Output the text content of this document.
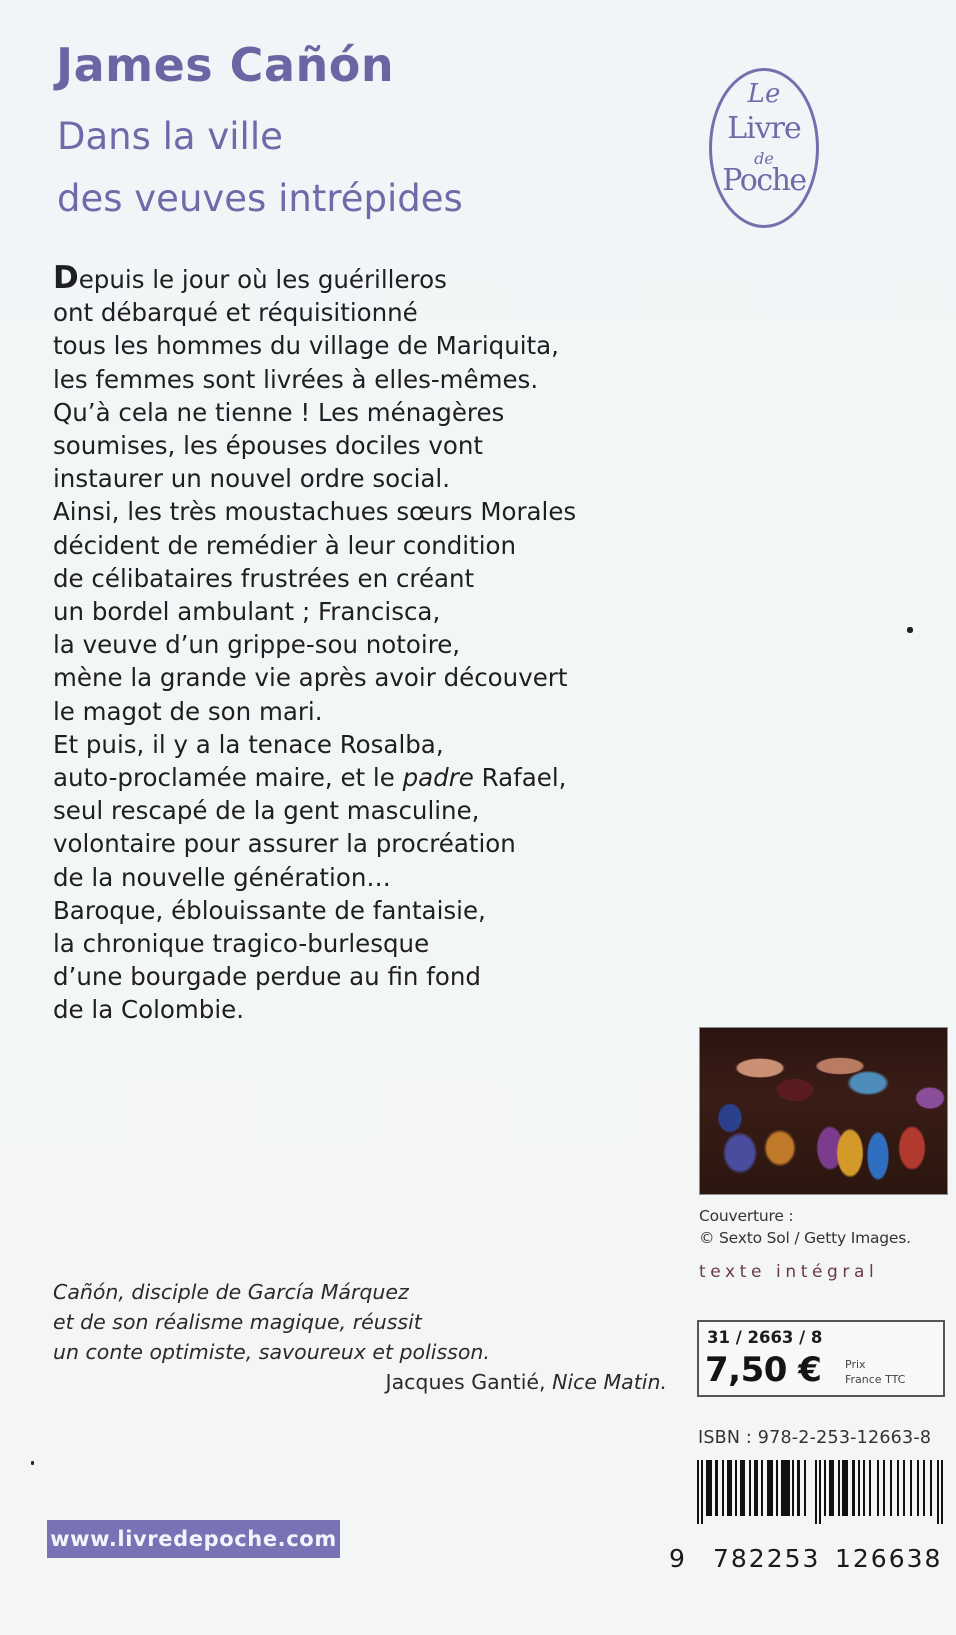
James Cañón
Dans la ville
des veuves intrépides
Le
Livre
de
Poche
Depuis le jour où les guérilleros
ont débarqué et réquisitionné
tous les hommes du village de Mariquita,
les femmes sont livrées à elles-mêmes.
Qu’à cela ne tienne ! Les ménagères
soumises, les épouses dociles vont
instaurer un nouvel ordre social.
Ainsi, les très moustachues sœurs Morales
décident de remédier à leur condition
de célibataires frustrées en créant
un bordel ambulant ; Francisca,
la veuve d’un grippe-sou notoire,
mène la grande vie après avoir découvert
le magot de son mari.
Et puis, il y a la tenace Rosalba,
auto-proclamée maire, et le padre Rafael,
seul rescapé de la gent masculine,
volontaire pour assurer la procréation
de la nouvelle génération…
Baroque, éblouissante de fantaisie,
la chronique tragico-burlesque
d’une bourgade perdue au fin fond
de la Colombie.
Cañón, disciple de García Márquez
et de son réalisme magique, réussit
un conte optimiste, savoureux et polisson.
Jacques Gantié, Nice Matin.
Couverture :
© Sexto Sol / Getty Images.
texte intégral
31 / 2663 / 8
7,50 € Prix
France TTC
ISBN : 978-2-253-12663-8
9 782253 126638
www.livredepoche.com
